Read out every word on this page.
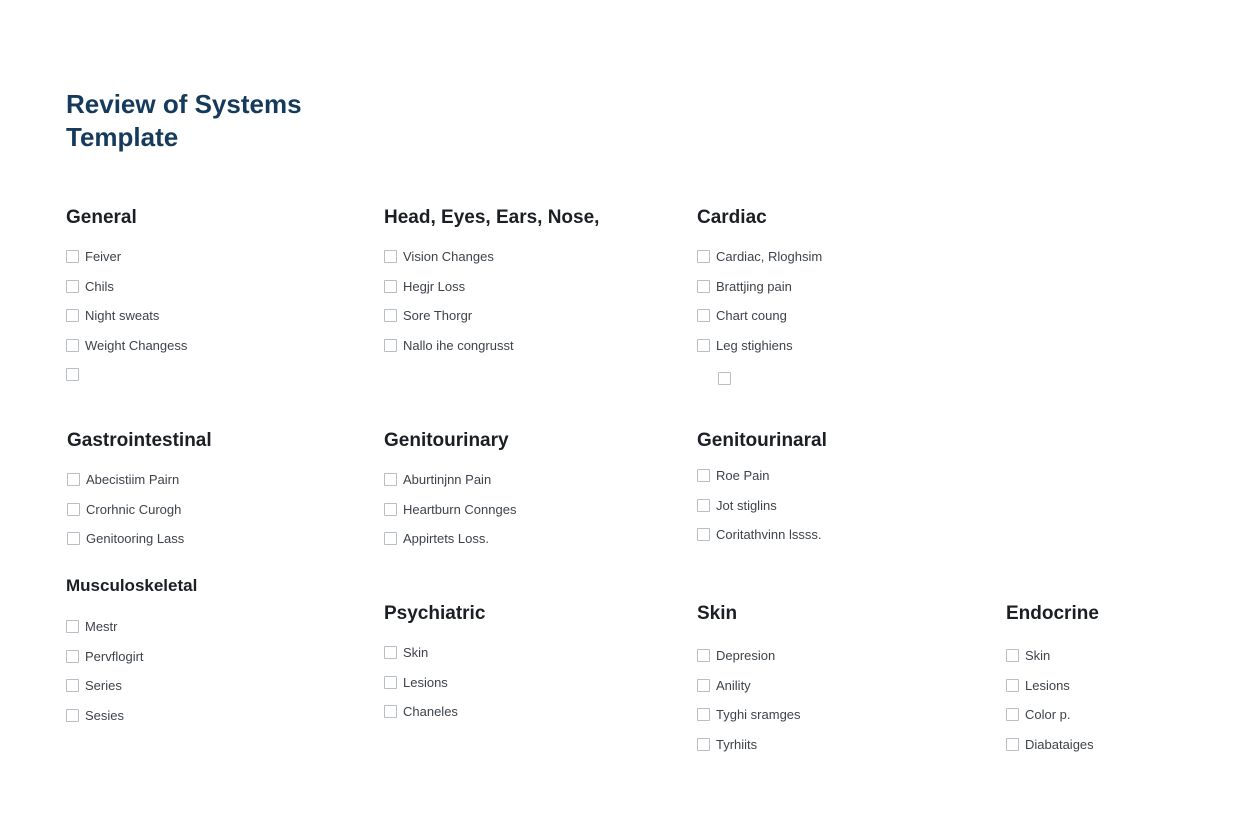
Review of Systems Template
General
Feiver
Chils
Night sweats
Weight Changess
Head, Eyes, Ears, Nose,
Vision Changes
Hegjr Loss
Sore Thorgr
Nallo ihe congrusst
Cardiac
Cardiac, Rloghsim
Brattjing pain
Chart coung
Leg stighiens
Gastrointestinal
Abecistiim Pairn
Crorhnic Curogh
Genitooring Lass
Genitourinary
Aburtinjnn Pain
Heartburn Connges
Appirtets Loss.
Genitourinaral
Roe Pain
Jot stiglins
Coritathvinn lssss.
Musculoskeletal
Mestr
Pervflogirt
Series
Sesies
Psychiatric
Skin
Lesions
Chaneles
Skin
Depresion
Anility
Tyghi sramges
Tyrhiits
Endocrine
Skin
Lesions
Color p.
Diabataiges
